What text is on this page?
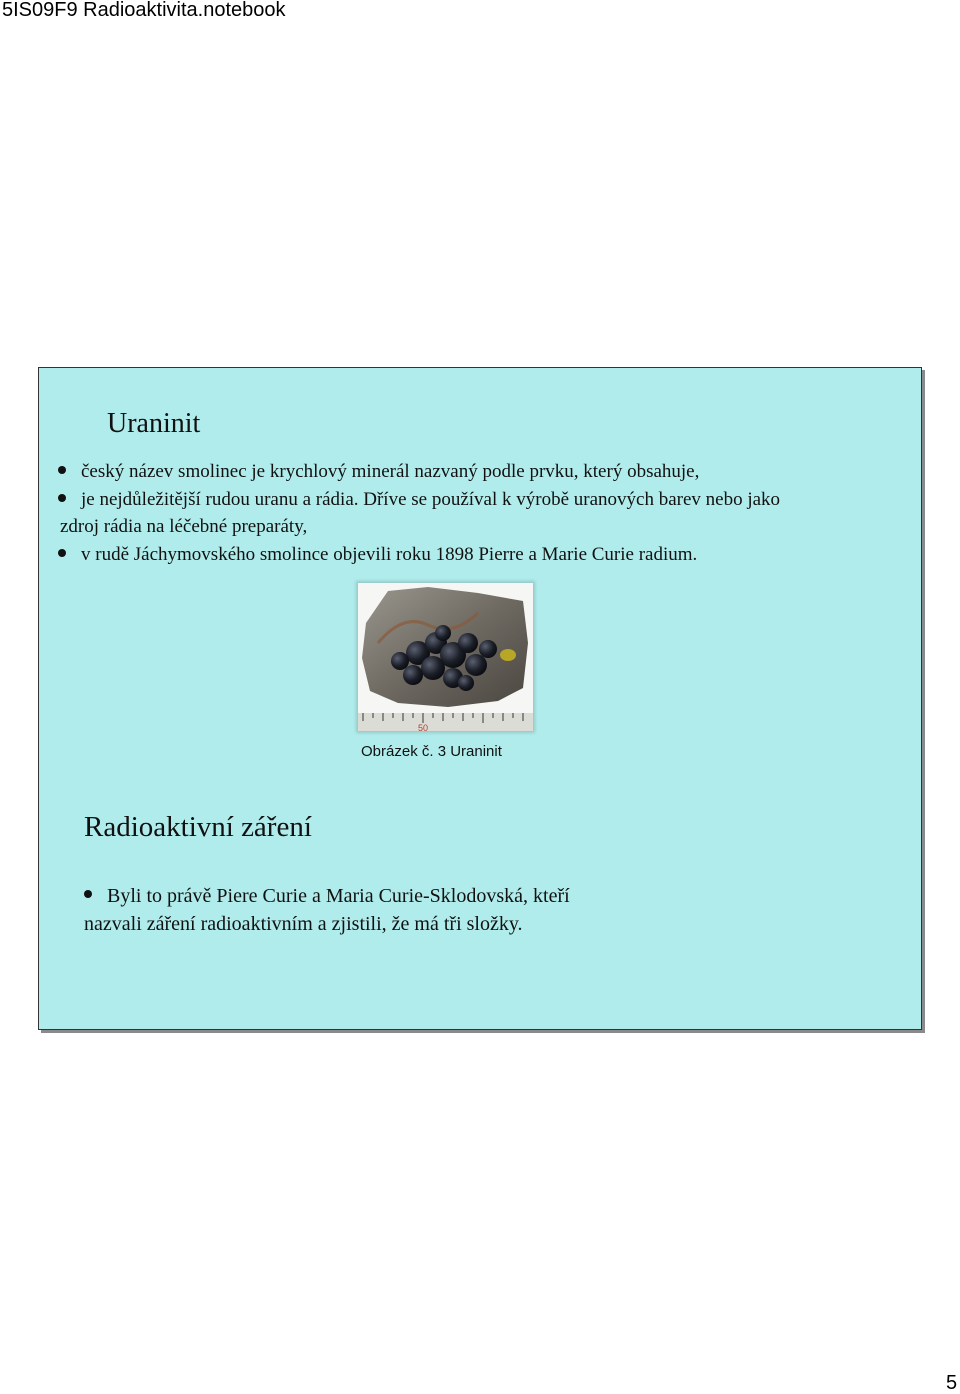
5IS09F9 Radioaktivita.notebook
Uraninit
český název smolinec je krychlový minerál nazvaný podle prvku, který obsahuje,
je nejdůležitější rudou uranu a rádia. Dříve se používal k výrobě uranových barev nebo jako
zdroj rádia na léčebné preparáty,
v rudě Jáchymovského smolince objevili roku 1898 Pierre a Marie Curie radium.
50
Obrázek č. 3 Uraninit
Radioaktivní záření
Byli to právě Piere Curie a Maria Curie-Sklodovská, kteří
nazvali záření radioaktivním a zjistili, že má tři složky.
5
